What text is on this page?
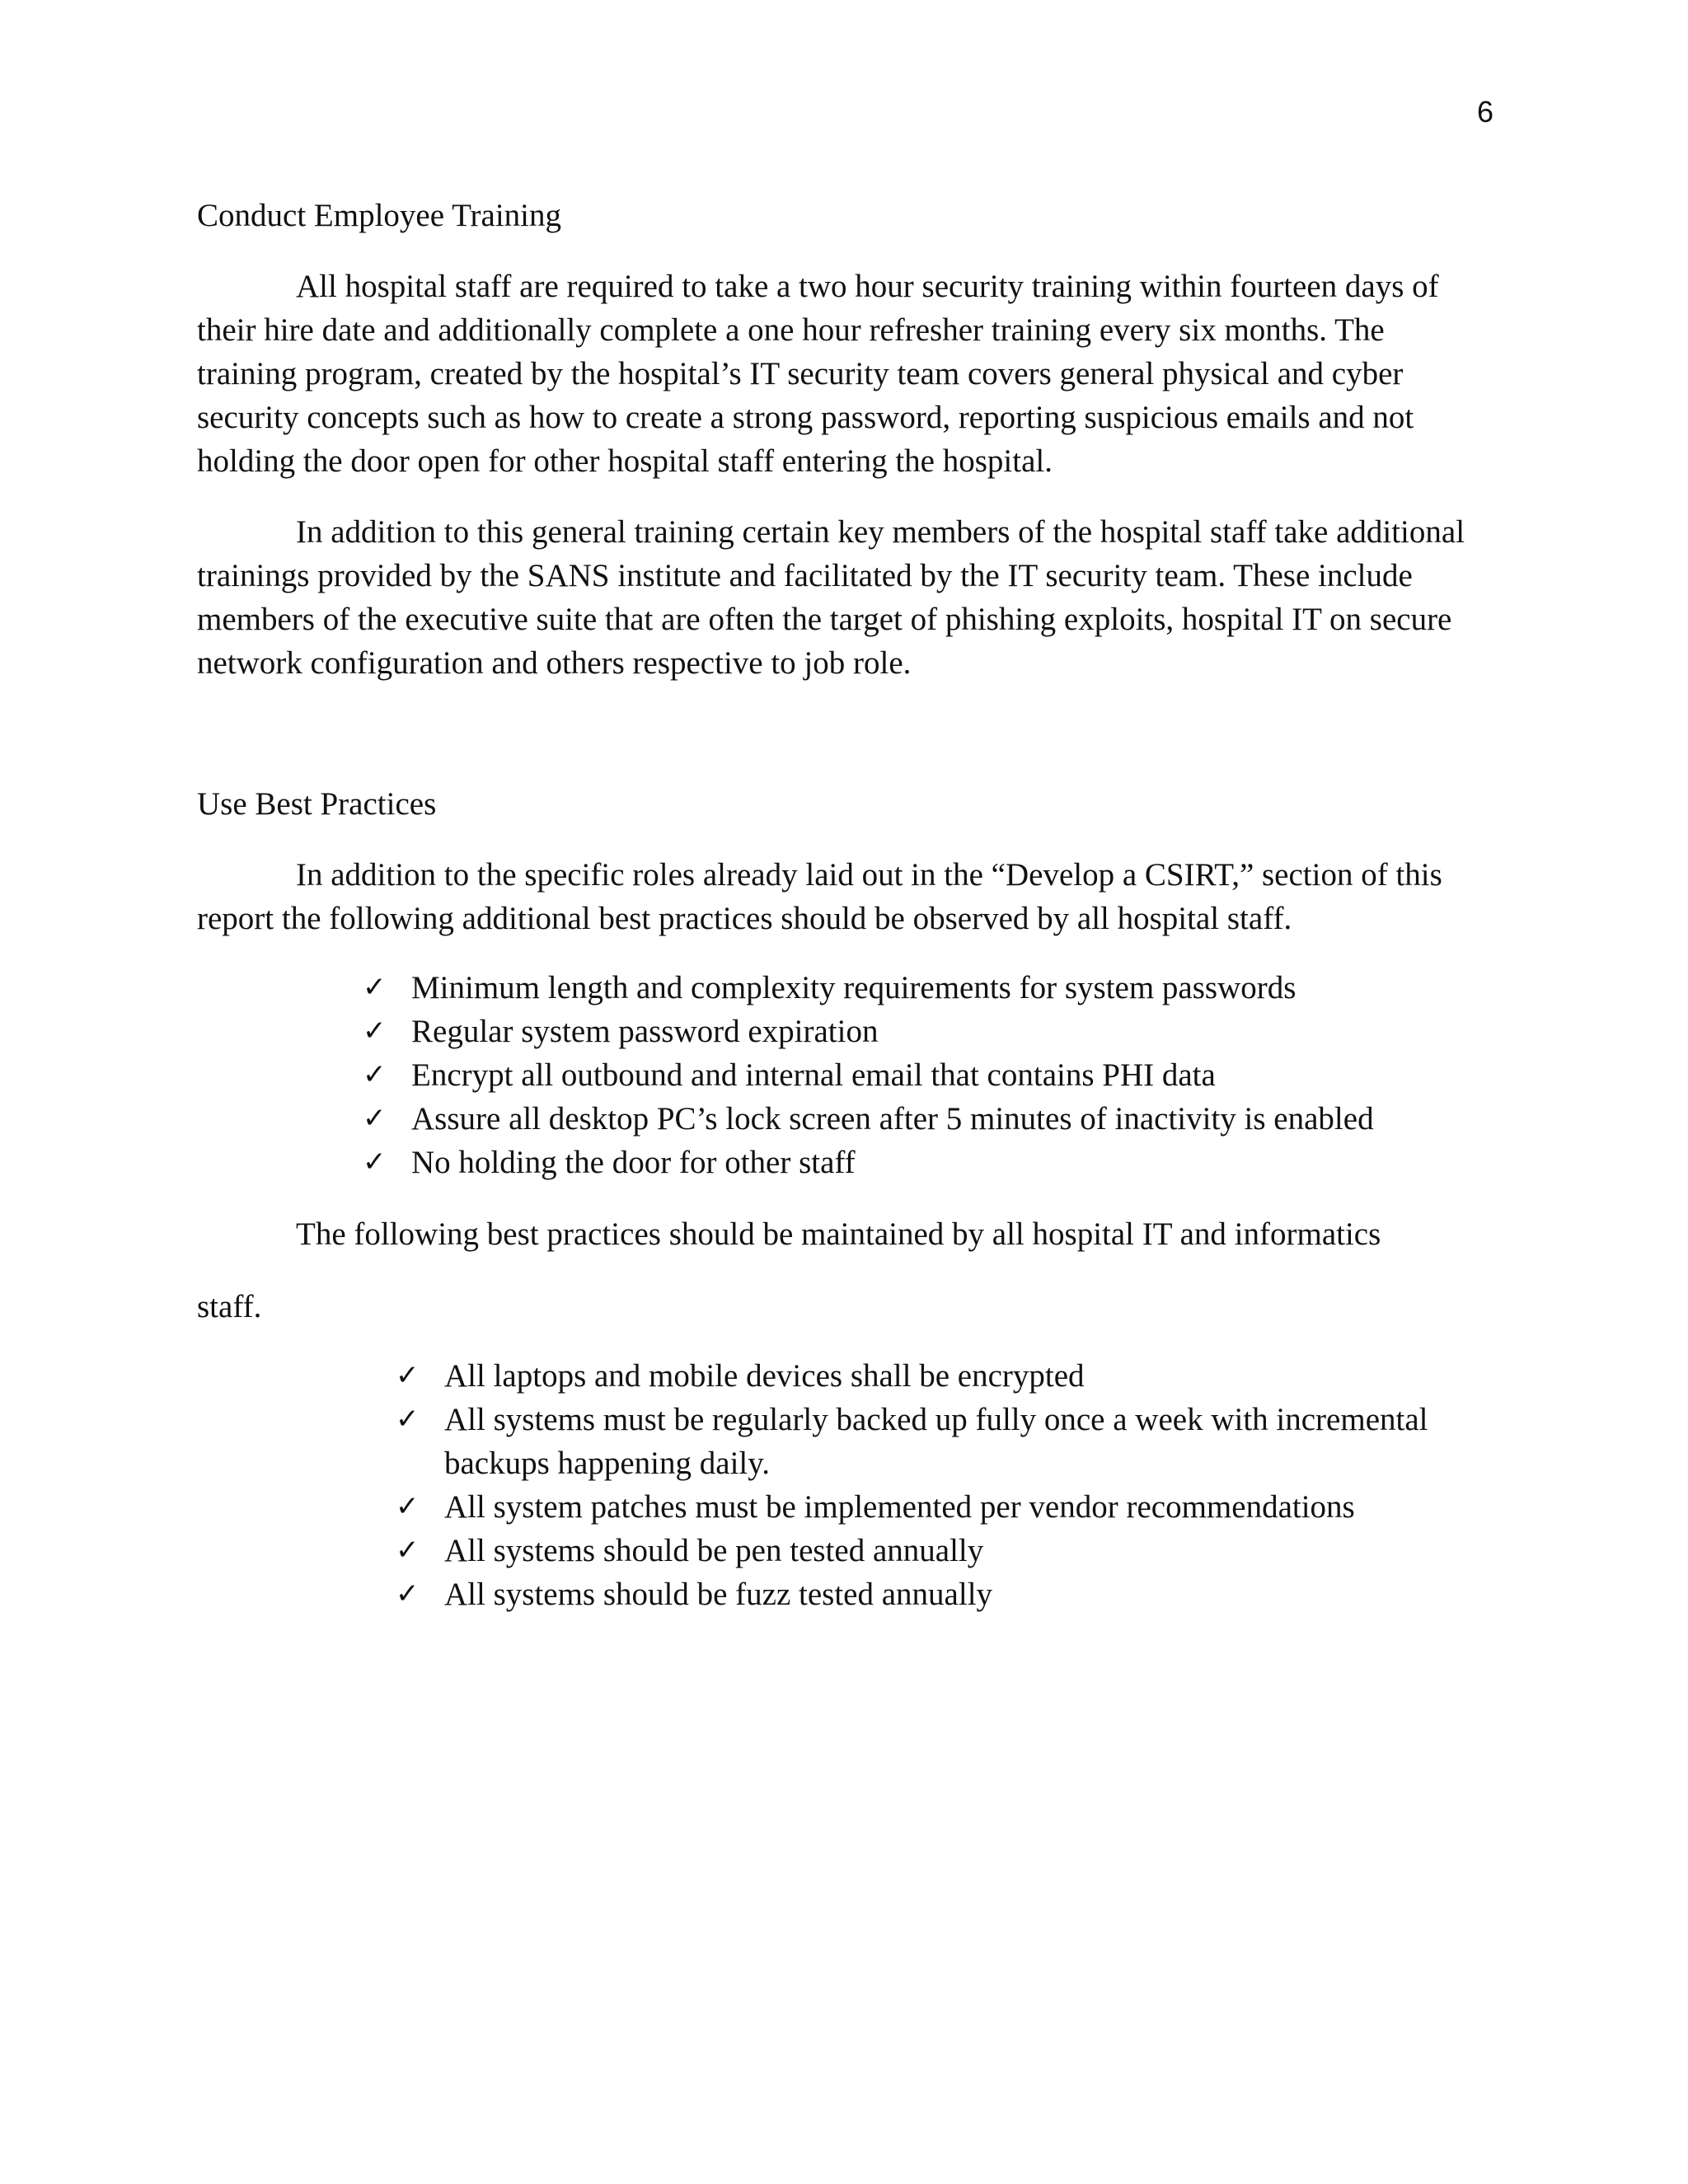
6
Conduct Employee Training

All hospital staff are required to take a two hour security training within fourteen days of their hire date and additionally complete a one hour refresher training every six months. The training program, created by the hospital’s IT security team covers general physical and cyber security concepts such as how to create a strong password, reporting suspicious emails and not holding the door open for other hospital staff entering the hospital.

In addition to this general training certain key members of the hospital staff take additional trainings provided by the SANS institute and facilitated by the IT security team. These include members of the executive suite that are often the target of phishing exploits, hospital IT on secure network configuration and others respective to job role.

Use Best Practices

In addition to the specific roles already laid out in the “Develop a CSIRT,” section of this report the following additional best practices should be observed by all hospital staff.

✓ Minimum length and complexity requirements for system passwords
✓ Regular system password expiration
✓ Encrypt all outbound and internal email that contains PHI data
✓ Assure all desktop PC’s lock screen after 5 minutes of inactivity is enabled
✓ No holding the door for other staff

The following best practices should be maintained by all hospital IT and informatics

staff.

✓ All laptops and mobile devices shall be encrypted
✓ All systems must be regularly backed up fully once a week with incremental backups happening daily.
✓ All system patches must be implemented per vendor recommendations
✓ All systems should be pen tested annually
✓ All systems should be fuzz tested annually
